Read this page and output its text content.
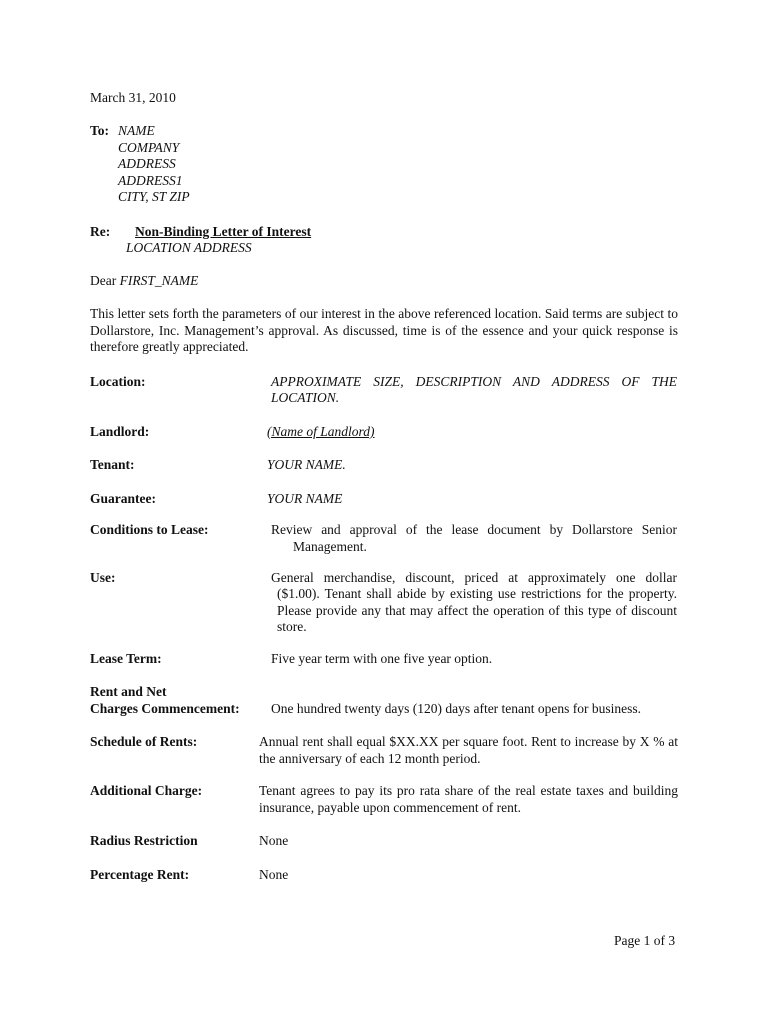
March 31, 2010
To: NAME
COMPANY
ADDRESS
ADDRESS1
CITY, ST ZIP
Re: Non-Binding Letter of Interest
LOCATION ADDRESS
Dear FIRST_NAME
This letter sets forth the parameters of our interest in the above referenced location. Said terms are subject to Dollarstore, Inc. Management’s approval. As discussed, time is of the essence and your quick response is therefore greatly appreciated.
Location:	APPROXIMATE SIZE, DESCRIPTION AND ADDRESS OF THE LOCATION.
Landlord:	(Name of Landlord)
Tenant:	YOUR NAME.
Guarantee:	YOUR NAME
Conditions to Lease:	Review and approval of the lease document by Dollarstore Senior
Management.
Use:	General merchandise, discount, priced at approximately one dollar
($1.00). Tenant shall abide by existing use restrictions for the property.
Please provide any that may affect the operation of this type of discount
store.
Lease Term:	Five year term with one five year option.
Rent and Net
Charges Commencement: One hundred twenty days (120) days after tenant opens for business.
Schedule of Rents:	Annual rent shall equal $XX.XX per square foot. Rent to increase by X % at the anniversary of each 12 month period.
Additional Charge:	Tenant agrees to pay its pro rata share of the real estate taxes and building insurance, payable upon commencement of rent.
Radius Restriction	None
Percentage Rent:	None
Page 1 of 3
